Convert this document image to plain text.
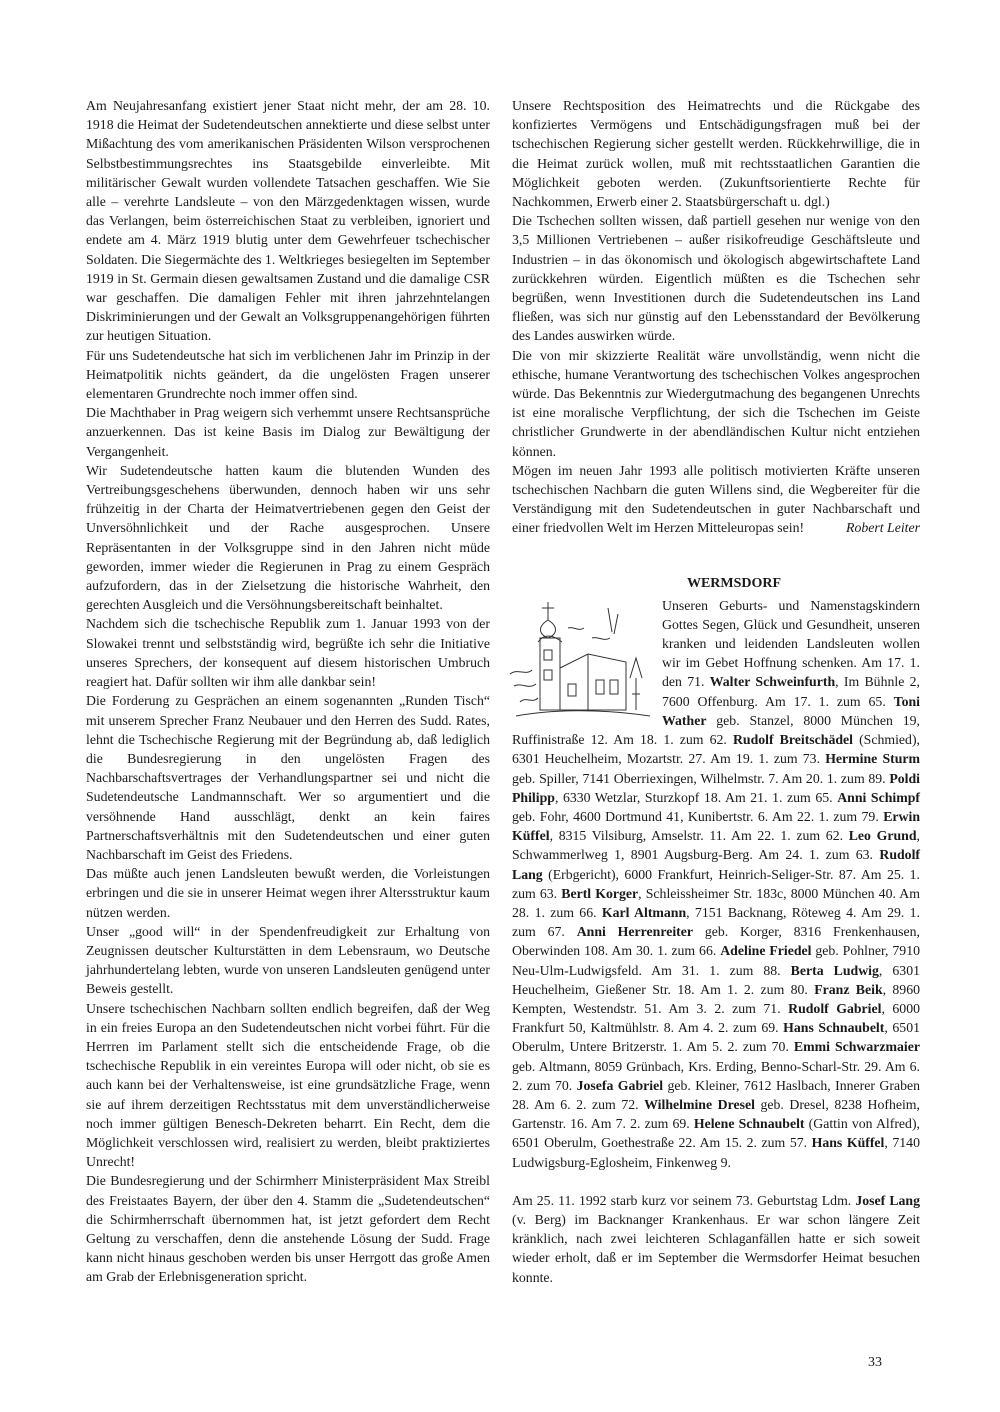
Am Neujahresanfang existiert jener Staat nicht mehr, der am 28. 10. 1918 die Heimat der Sudetendeutschen annektierte und diese selbst unter Mißachtung des vom amerikanischen Präsidenten Wilson versprochenen Selbstbestimmungsrechtes ins Staatsgebilde einverleibte. Mit militärischer Gewalt wurden vollendete Tatsachen geschaffen. Wie Sie alle – verehrte Landsleute – von den Märzgedenktagen wissen, wurde das Verlangen, beim österreichischen Staat zu verbleiben, ignoriert und endete am 4. März 1919 blutig unter dem Gewehrfeuer tschechischer Soldaten. Die Siegermächte des 1. Weltkrieges besiegelten im September 1919 in St. Germain diesen gewaltsamen Zustand und die damalige CSR war geschaffen. Die damaligen Fehler mit ihren jahrzehntelangen Diskriminierungen und der Gewalt an Volksgruppenangehörigen führten zur heutigen Situation.

Für uns Sudetendeutsche hat sich im verblichenen Jahr im Prinzip in der Heimatpolitik nichts geändert, da die ungelösten Fragen unserer elementaren Grundrechte noch immer offen sind.

Die Machthaber in Prag weigern sich verhemmt unsere Rechtsansprüche anzuerkennen. Das ist keine Basis im Dialog zur Bewältigung der Vergangenheit.

Wir Sudetendeutsche hatten kaum die blutenden Wunden des Vertreibungsgeschehens überwunden, dennoch haben wir uns sehr frühzeitig in der Charta der Heimatvertriebenen gegen den Geist der Unversöhnlichkeit und der Rache ausgesprochen. Unsere Repräsentanten in der Volksgruppe sind in den Jahren nicht müde geworden, immer wieder die Regierunen in Prag zu einem Gespräch aufzufordern, das in der Zielsetzung die historische Wahrheit, den gerechten Ausgleich und die Versöhnungsbereitschaft beinhaltet.

Nachdem sich die tschechische Republik zum 1. Januar 1993 von der Slowakei trennt und selbstständig wird, begrüßte ich sehr die Initiative unseres Sprechers, der konsequent auf diesem historischen Umbruch reagiert hat. Dafür sollten wir ihm alle dankbar sein!

Die Forderung zu Gesprächen an einem sogenannten „Runden Tisch“ mit unserem Sprecher Franz Neubauer und den Herren des Sudd. Rates, lehnt die Tschechische Regierung mit der Begründung ab, daß lediglich die Bundesregierung in den ungelösten Fragen des Nachbarschaftsvertrages der Verhandlungspartner sei und nicht die Sudetendeutsche Landmannschaft. Wer so argumentiert und die versöhnende Hand ausschlägt, denkt an kein faires Partnerschaftsverhältnis mit den Sudetendeutschen und einer guten Nachbarschaft im Geist des Friedens.

Das müßte auch jenen Landsleuten bewußt werden, die Vorleistungen erbringen und die sie in unserer Heimat wegen ihrer Altersstruktur kaum nützen werden.

Unser „good will“ in der Spendenfreudigkeit zur Erhaltung von Zeugnissen deutscher Kulturstätten in dem Lebensraum, wo Deutsche jahrhundertelang lebten, wurde von unseren Landsleuten genügend unter Beweis gestellt.

Unsere tschechischen Nachbarn sollten endlich begreifen, daß der Weg in ein freies Europa an den Sudetendeutschen nicht vorbei führt. Für die Herrren im Parlament stellt sich die entscheidende Frage, ob die tschechische Republik in ein vereintes Europa will oder nicht, ob sie es auch kann bei der Verhaltensweise, ist eine grundsätzliche Frage, wenn sie auf ihrem derzeitigen Rechtsstatus mit dem unverständlicherweise noch immer gültigen Benesch-Dekreten beharrt. Ein Recht, dem die Möglichkeit verschlossen wird, realisiert zu werden, bleibt praktiziertes Unrecht!

Die Bundesregierung und der Schirmherr Ministerpräsident Max Streibl des Freistaates Bayern, der über den 4. Stamm die „Sudetendeutschen“ die Schirmherrschaft übernommen hat, ist jetzt gefordert dem Recht Geltung zu verschaffen, denn die anstehende Lösung der Sudd. Frage kann nicht hinaus geschoben werden bis unser Herrgott das große Amen am Grab der Erlebnisgeneration spricht.

Unsere Rechtsposition des Heimatrechts und die Rückgabe des konfiziertes Vermögens und Entschädigungsfragen muß bei der tschechischen Regierung sicher gestellt werden. Rückkehrwillige, die in die Heimat zurück wollen, muß mit rechtsstaatlichen Garantien die Möglichkeit geboten werden. (Zukunftsorientierte Rechte für Nachkommen, Erwerb einer 2. Staatsbürgerschaft u. dgl.)

Die Tschechen sollten wissen, daß partiell gesehen nur wenige von den 3,5 Millionen Vertriebenen – außer risikofreudige Geschäftsleute und Industrien – in das ökonomisch und ökologisch abgewirtschaftete Land zurückkehren würden. Eigentlich müßten es die Tschechen sehr begrüßen, wenn Investitionen durch die Sudetendeutschen ins Land fließen, was sich nur günstig auf den Lebensstandard der Bevölkerung des Landes auswirken würde.

Die von mir skizzierte Realität wäre unvollständig, wenn nicht die ethische, humane Verantwortung des tschechischen Volkes angesprochen würde. Das Bekenntnis zur Wiedergutmachung des begangenen Unrechts ist eine moralische Verpflichtung, der sich die Tschechen im Geiste christlicher Grundwerte in der abendländischen Kultur nicht entziehen können.

Mögen im neuen Jahr 1993 alle politisch motivierten Kräfte unseren tschechischen Nachbarn die guten Willens sind, die Wegbereiter für die Verständigung mit den Sudetendeutschen in guter Nachbarschaft und einer friedvollen Welt im Herzen Mitteleuropas sein!	Robert Leiter

WERMSDORF

Unseren Geburts- und Namenstagskindern Gottes Segen, Glück und Gesundheit, unseren kranken und leidenden Landsleuten wollen wir im Gebet Hoffnung schenken. Am 17. 1. den 71. Walter Schweinfurth, Im Bühnle 2, 7600 Offenburg. Am 17. 1. zum 65. Toni Wather geb. Stanzel, 8000 München 19, Ruffinistraße 12. Am 18. 1. zum 62. Rudolf Breitschädel (Schmied), 6301 Heuchelheim, Mozartstr. 27. Am 19. 1. zum 73. Hermine Sturm geb. Spiller, 7141 Oberriexingen, Wilhelmstr. 7. Am 20. 1. zum 89. Poldi Philipp, 6330 Wetzlar, Sturzkopf 18. Am 21. 1. zum 65. Anni Schimpf geb. Fohr, 4600 Dortmund 41, Kunibertstr. 6. Am 22. 1. zum 79. Erwin Küffel, 8315 Vilsiburg, Amselstr. 11. Am 22. 1. zum 62. Leo Grund, Schwammerlweg 1, 8901 Augsburg-Berg. Am 24. 1. zum 63. Rudolf Lang (Erbgericht), 6000 Frankfurt, Heinrich-Seliger-Str. 87. Am 25. 1. zum 63. Bertl Korger, Schleissheimer Str. 183c, 8000 München 40. Am 28. 1. zum 66. Karl Altmann, 7151 Backnang, Röteweg 4. Am 29. 1. zum 67. Anni Herrenreiter geb. Korger, 8316 Frenkenhausen, Oberwinden 108. Am 30. 1. zum 66. Adeline Friedel geb. Pohlner, 7910 Neu-Ulm-Ludwigsfeld. Am 31. 1. zum 88. Berta Ludwig, 6301 Heuchelheim, Gießener Str. 18. Am 1. 2. zum 80. Franz Beik, 8960 Kempten, Westendstr. 51. Am 3. 2. zum 71. Rudolf Gabriel, 6000 Frankfurt 50, Kaltmühlstr. 8. Am 4. 2. zum 69. Hans Schnaubelt, 6501 Oberulm, Untere Britzerstr. 1. Am 5. 2. zum 70. Emmi Schwarzmaier geb. Altmann, 8059 Grünbach, Krs. Erding, Benno-Scharl-Str. 29. Am 6. 2. zum 70. Josefa Gabriel geb. Kleiner, 7612 Haslbach, Innerer Graben 28. Am 6. 2. zum 72. Wilhelmine Dresel geb. Dresel, 8238 Hofheim, Gartenstr. 16. Am 7. 2. zum 69. Helene Schnaubelt (Gattin von Alfred), 6501 Oberulm, Goethestraße 22. Am 15. 2. zum 57. Hans Küffel, 7140 Ludwigsburg-Eglosheim, Finkenweg 9.

Am 25. 11. 1992 starb kurz vor seinem 73. Geburtstag Ldm. Josef Lang (v. Berg) im Backnanger Krankenhaus. Er war schon längere Zeit kränklich, nach zwei leichteren Schlaganfällen hatte er sich soweit wieder erholt, daß er im September die Wermsdorfer Heimat besuchen konnte.

33
